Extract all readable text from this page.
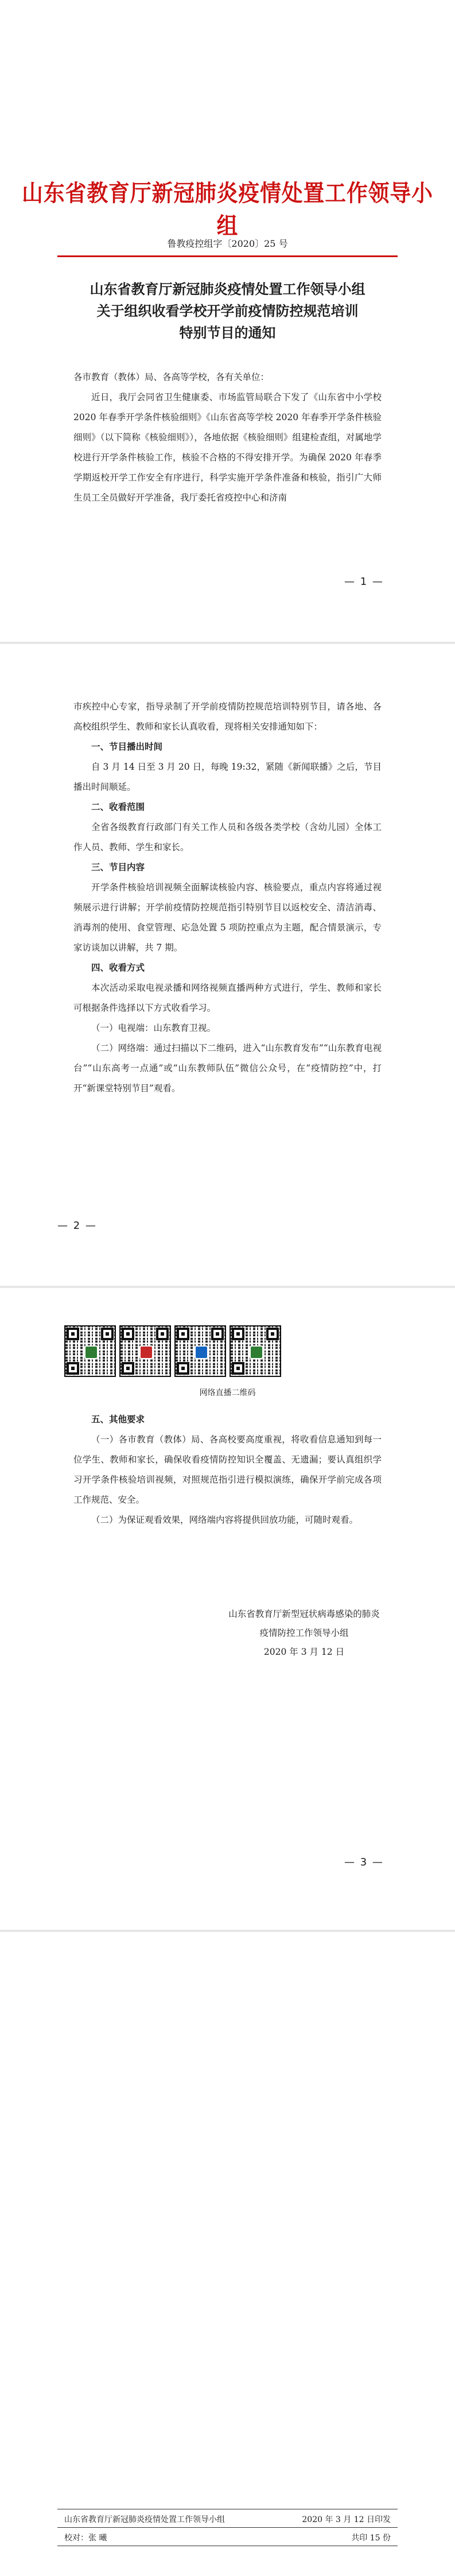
山东省教育厅新冠肺炎疫情处置工作领导小组
鲁教疫控组字〔2020〕25 号
山东省教育厅新冠肺炎疫情处置工作领导小组
关于组织收看学校开学前疫情防控规范培训
特别节目的通知

各市教育（教体）局、各高等学校，各有关单位：

近日，我厅会同省卫生健康委、市场监管局联合下发了《山东省中小学校 2020 年春季开学条件核验细则》《山东省高等学校 2020 年春季开学条件核验细则》（以下简称《核验细则》），各地依据《核验细则》组建检查组，对属地学校进行开学条件核验工作，核验不合格的不得安排开学。为确保 2020 年春季学期返校开学工作安全有序进行，科学实施开学条件准备和核验，指引广大师生员工全员做好开学准备，我厅委托省疫控中心和济南

— 1 —

市疾控中心专家，指导录制了开学前疫情防控规范培训特别节目，请各地、各高校组织学生、教师和家长认真收看，现将相关安排通知如下：

一、节目播出时间

自 3 月 14 日至 3 月 20 日，每晚 19:32，紧随《新闻联播》之后，节目播出时间顺延。

二、收看范围

全省各级教育行政部门有关工作人员和各级各类学校（含幼儿园）全体工作人员、教师、学生和家长。

三、节目内容

开学条件核验培训视频全面解读核验内容、核验要点，重点内容将通过视频展示进行讲解；开学前疫情防控规范指引特别节目以返校安全、清洁消毒、消毒剂的使用、食堂管理、応急处置 5 项防控重点为主题，配合情景演示，专家访谈加以讲解，共 7 期。

四、收看方式

本次活动采取电视录播和网络视频直播两种方式进行，学生、教师和家长可根据条件选择以下方式收看学习。

（一）电视端：山东教育卫视。

（二）网络端：通过扫描以下二维码，进入“山东教育发布”“山东教育电视台”“山东高考一点通”或“山东教师队伍”微信公众号，在“疫情防控”中，打开“新课堂特别节目”观看。

— 2 —
网络直播二维码

五、其他要求

（一）各市教育（教体）局、各高校要高度重视，将收看信息通知到每一位学生、教师和家长，确保收看疫情防控知识全覆盖、无遗漏；要认真组织学习开学条件核验培训视频，对照规范指引进行模拟演练，确保开学前完成各项工作规范、安全。

（二）为保证观看效果，网络端内容将提供回放功能，可随时观看。

山东省教育厅新型冠状病毒感染的肺炎
疫情防控工作领导小组
2020 年 3 月 12 日
— 3 —
山东省教育厅新冠肺炎疫情处置工作领导小组	2020 年 3 月 12 日印发
校对：张 曦	共印 15 份
